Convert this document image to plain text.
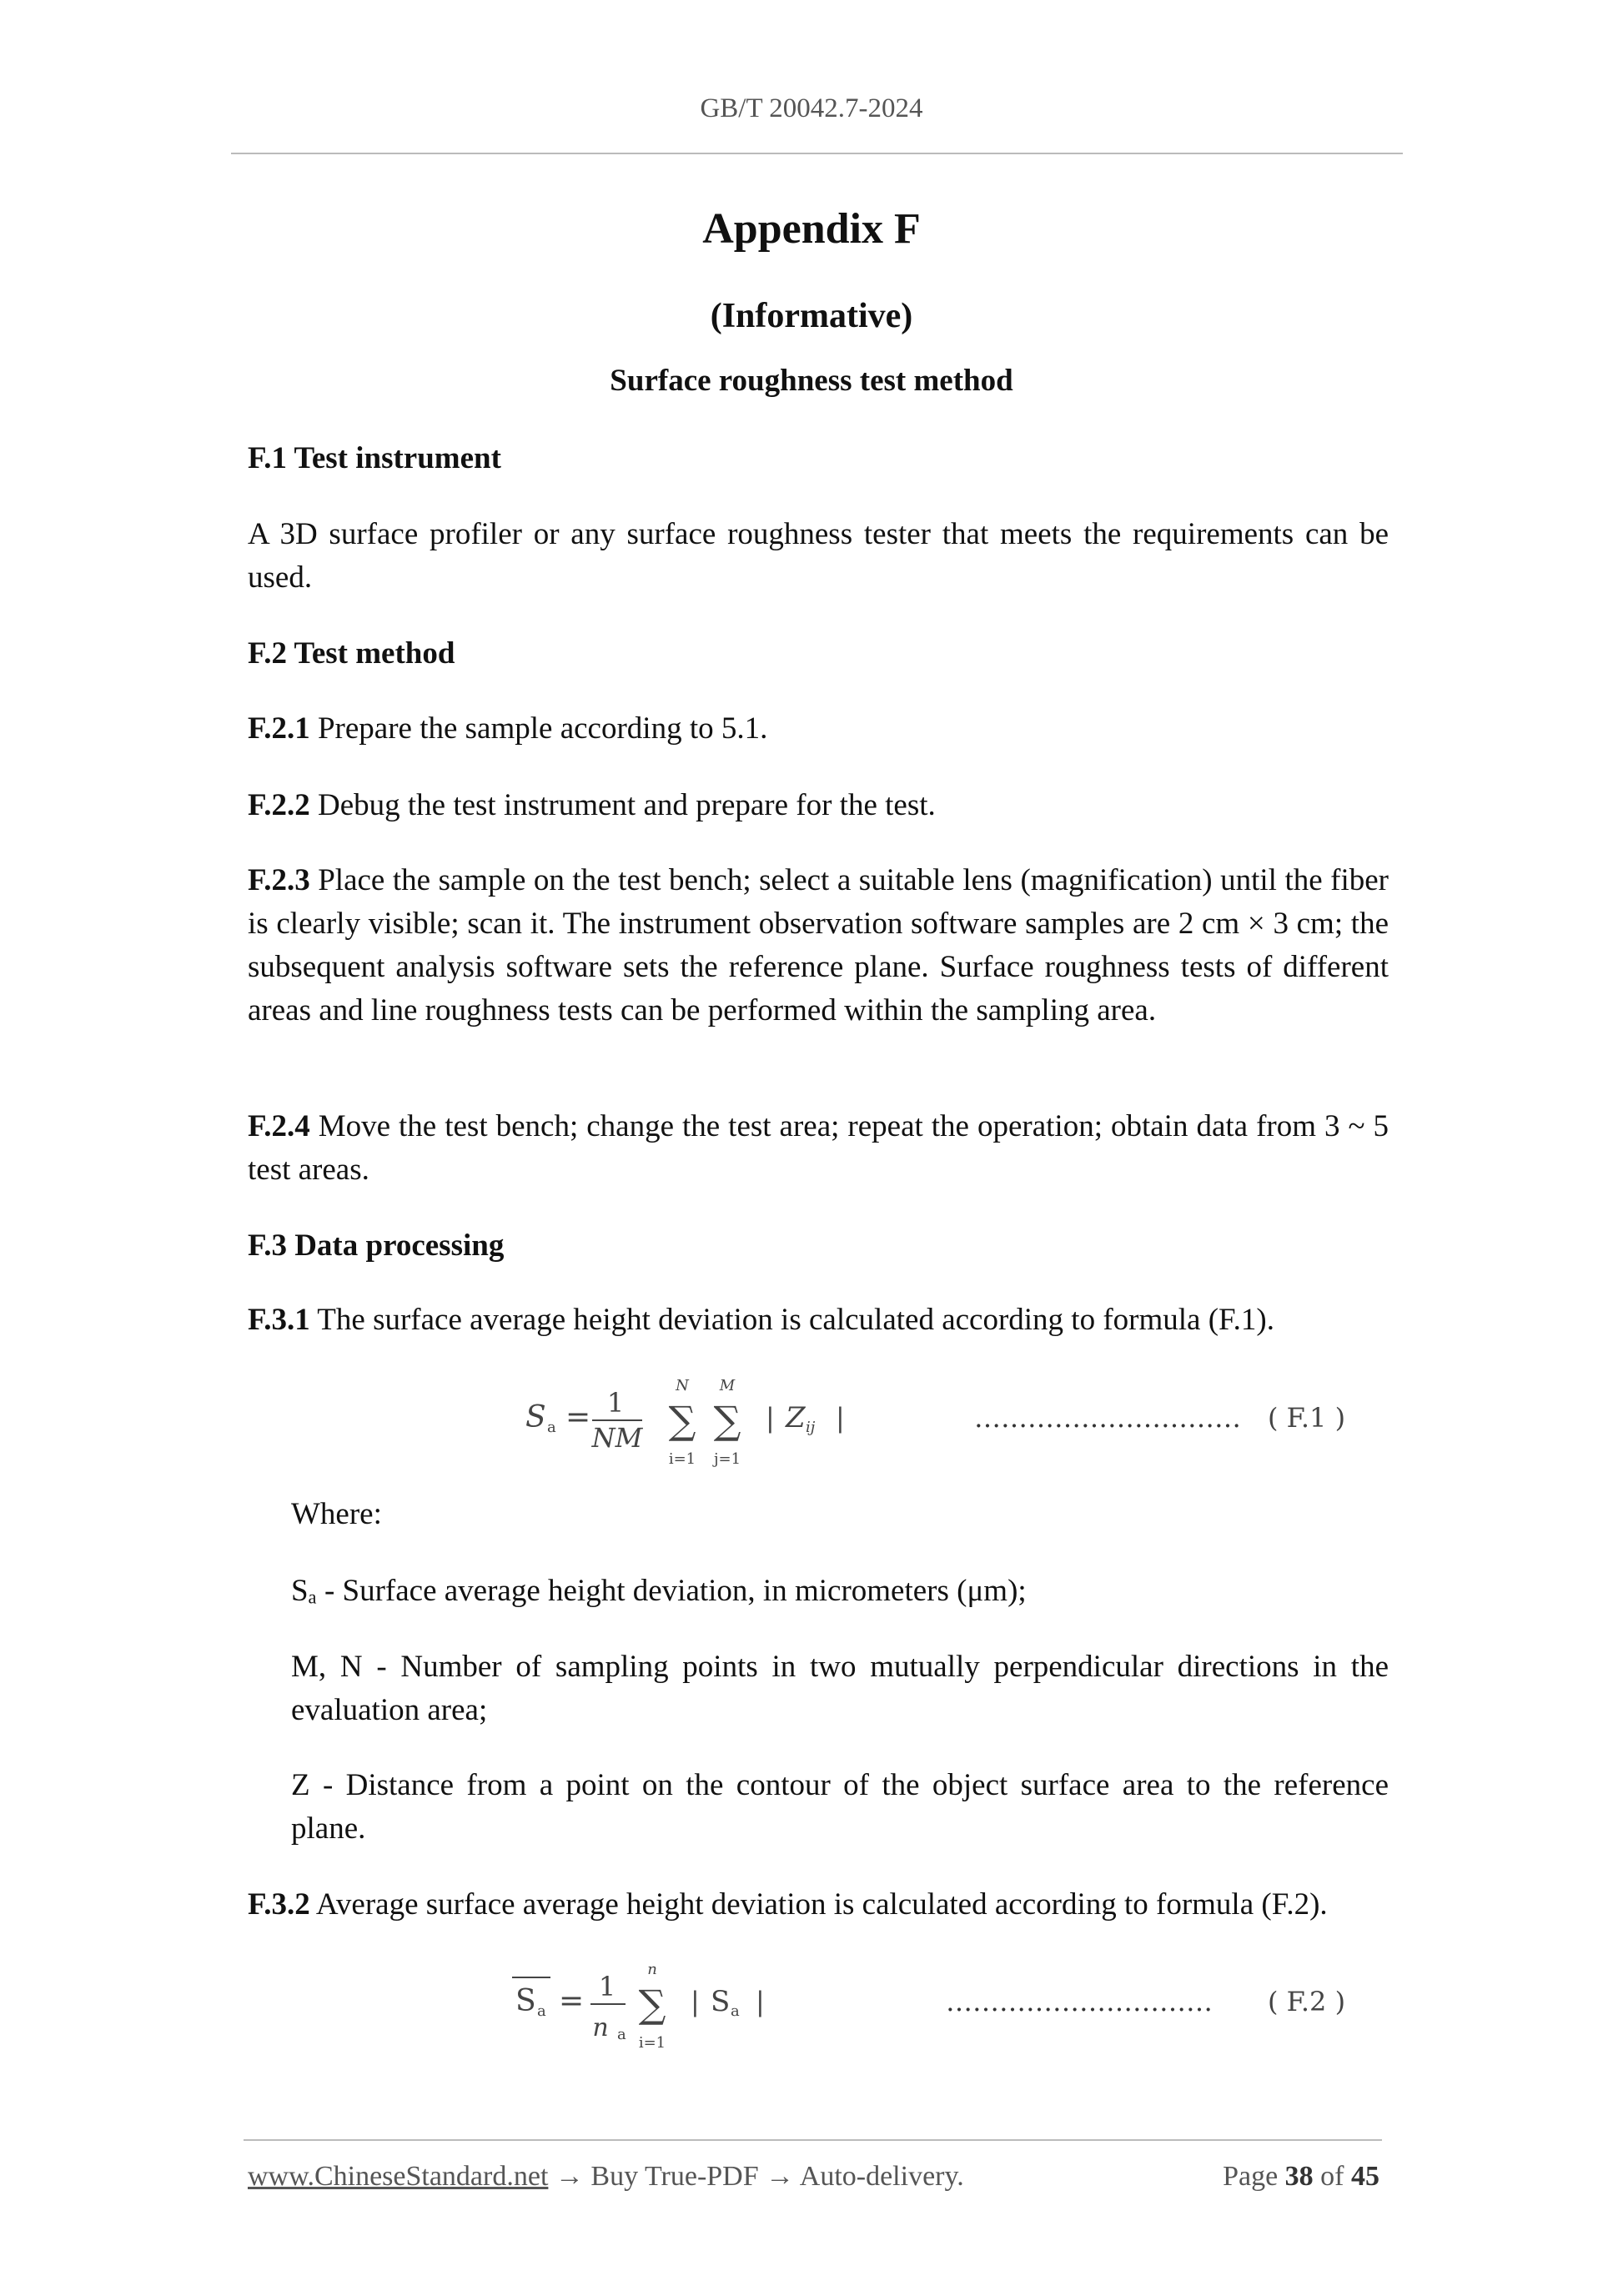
GB/T 20042.7-2024
Appendix F
(Informative)
Surface roughness test method
F.1 Test instrument
A 3D surface profiler or any surface roughness tester that meets the requirements can be used.
F.2 Test method
F.2.1 Prepare the sample according to 5.1.
F.2.2 Debug the test instrument and prepare for the test.
F.2.3 Place the sample on the test bench; select a suitable lens (magnification) until the fiber is clearly visible; scan it. The instrument observation software samples are 2 cm × 3 cm; the subsequent analysis software sets the reference plane. Surface roughness tests of different areas and line roughness tests can be performed within the sampling area.
F.2.4 Move the test bench; change the test area; repeat the operation; obtain data from 3 ~ 5 test areas.
F.3 Data processing
F.3.1 The surface average height deviation is calculated according to formula (F.1).
S a = 1
NM
N
∑
i=1
M
∑
j=1
| Z ij |	………………………… ( F.1 )
Where:
Sₐ - Surface average height deviation, in micrometers (μm);
M, N - Number of sampling points in two mutually perpendicular directions in the evaluation area;
Z - Distance from a point on the contour of the object surface area to the reference plane.
F.3.2 Average surface average height deviation is calculated according to formula (F.2).
S a = 1
n a
n
∑
i=1
| S a |	………………………… ( F.2 )
www.ChineseStandard.net → Buy True-PDF → Auto-delivery.	Page 38 of 45
